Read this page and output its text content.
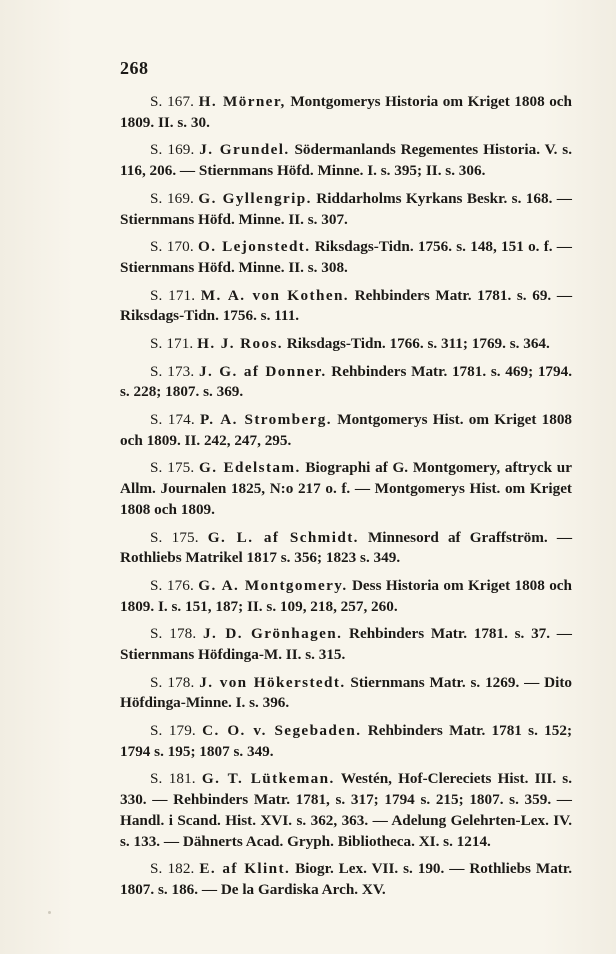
268

S. 167. H. Mörner, Montgomerys Historia om Kriget 1808 och 1809. II. s. 30.

S. 169. J. Grundel. Södermanlands Regementes Historia. V. s. 116, 206. — Stiernmans Höfd. Minne. I. s. 395; II. s. 306.

S. 169. G. Gyllengrip. Riddarholms Kyrkans Beskr. s. 168. — Stiernmans Höfd. Minne. II. s. 307.

S. 170. O. Lejonstedt. Riksdags-Tidn. 1756. s. 148, 151 o. f. — Stiernmans Höfd. Minne. II. s. 308.

S. 171. M. A. von Kothen. Rehbinders Matr. 1781. s. 69. — Riksdags-Tidn. 1756. s. 111.

S. 171. H. J. Roos. Riksdags-Tidn. 1766. s. 311; 1769. s. 364.

S. 173. J. G. af Donner. Rehbinders Matr. 1781. s. 469; 1794. s. 228; 1807. s. 369.

S. 174. P. A. Stromberg. Montgomerys Hist. om Kriget 1808 och 1809. II. 242, 247, 295.

S. 175. G. Edelstam. Biographi af G. Montgomery, aftryck ur Allm. Journalen 1825, N:o 217 o. f. — Montgomerys Hist. om Kriget 1808 och 1809.

S. 175. G. L. af Schmidt. Minnesord af Graffström. — Rothliebs Matrikel 1817 s. 356; 1823 s. 349.

S. 176. G. A. Montgomery. Dess Historia om Kriget 1808 och 1809. I. s. 151, 187; II. s. 109, 218, 257, 260.

S. 178. J. D. Grönhagen. Rehbinders Matr. 1781. s. 37. — Stiernmans Höfdinga-M. II. s. 315.

S. 178. J. von Hökerstedt. Stiernmans Matr. s. 1269. — Dito Höfdinga-Minne. I. s. 396.

S. 179. C. O. v. Segebaden. Rehbinders Matr. 1781 s. 152; 1794 s. 195; 1807 s. 349.

S. 181. G. T. Lütkeman. Westén, Hof-Clereciets Hist. III. s. 330. — Rehbinders Matr. 1781, s. 317; 1794 s. 215; 1807. s. 359. — Handl. i Scand. Hist. XVI. s. 362, 363. — Adelung Gelehrten-Lex. IV. s. 133. — Dähnerts Acad. Gryph. Bibliotheca. XI. s. 1214.

S. 182. E. af Klint. Biogr. Lex. VII. s. 190. — Rothliebs Matr. 1807. s. 186. — De la Gardiska Arch. XV.
